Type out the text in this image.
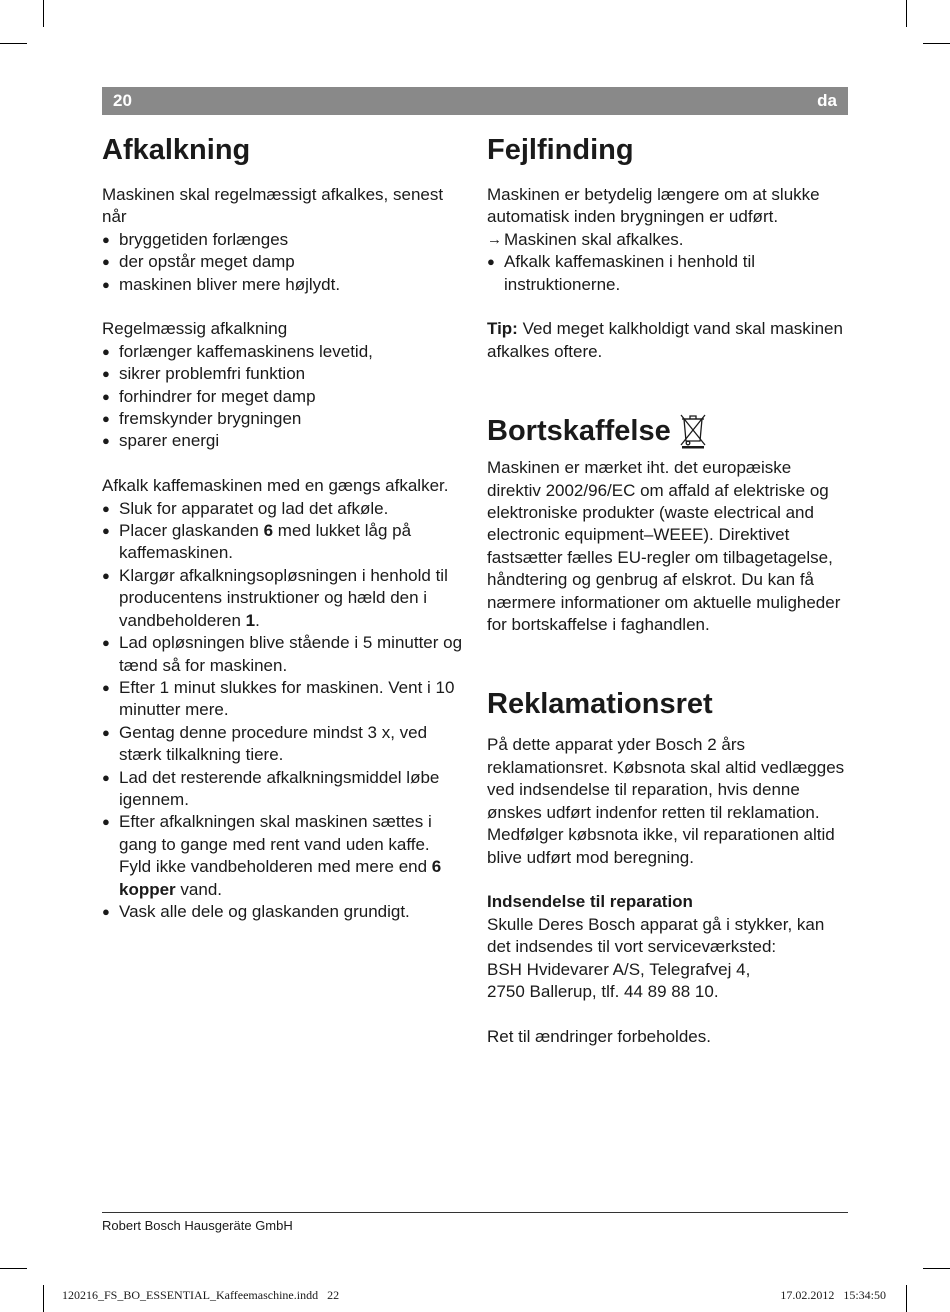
20	da
Afkalkning

Maskinen skal regelmæssigt afkalkes, senest når

● bryggetiden forlænges
● der opstår meget damp
● maskinen bliver mere højlydt.

Regelmæssig afkalkning

● forlænger kaffemaskinens levetid,
● sikrer problemfri funktion
● forhindrer for meget damp
● fremskynder brygningen
● sparer energi

Afkalk kaffemaskinen med en gængs afkalker.

● Sluk for apparatet og lad det afkøle.
● Placer glaskanden 6 med lukket låg på kaffemaskinen.
● Klargør afkalkningsopløsningen i henhold til producentens instruktioner og hæld den i vandbeholderen 1.
● Lad opløsningen blive stående i 5 minutter og tænd så for maskinen.
● Efter 1 minut slukkes for maskinen. Vent i 10 minutter mere.
● Gentag denne procedure mindst 3 x, ved stærk tilkalkning tiere.
● Lad det resterende afkalkningsmiddel løbe igennem.
● Efter afkalkningen skal maskinen sættes i gang to gange med rent vand uden kaffe. Fyld ikke vandbeholderen med mere end 6 kopper vand.
● Vask alle dele og glaskanden grundigt.
Fejlfinding

Maskinen er betydelig længere om at slukke automatisk inden brygningen er udført.

→ Maskinen skal afkalkes.
● Afkalk kaffemaskinen i henhold til instruktionerne.

Tip: Ved meget kalkholdigt vand skal maskinen afkalkes oftere.

Bortskaffelse

Maskinen er mærket iht. det europæiske direktiv 2002/96/EC om affald af elektriske og elektroniske produkter (waste electrical and electronic equipment–WEEE). Direktivet fastsætter fælles EU-regler om tilbagetagelse, håndtering og genbrug af elskrot. Du kan få nærmere informationer om aktuelle muligheder for bortskaffelse i faghandlen.

Reklamationsret

På dette apparat yder Bosch 2 års reklamationsret. Købsnota skal altid vedlægges ved indsendelse til reparation, hvis denne ønskes udført indenfor retten til reklamation. Medfølger købsnota ikke, vil reparationen altid blive udført mod beregning.

Indsendelse til reparation

Skulle Deres Bosch apparat gå i stykker, kan det indsendes til vort serviceværksted:

BSH Hvidevarer A/S, Telegrafvej 4,

2750 Ballerup, tlf. 44 89 88 10.

Ret til ændringer forbeholdes.

Robert Bosch Hausgeräte GmbH
120216_FS_BO_ESSENTIAL_Kaffeemaschine.indd   22	17.02.2012   15:34:50
